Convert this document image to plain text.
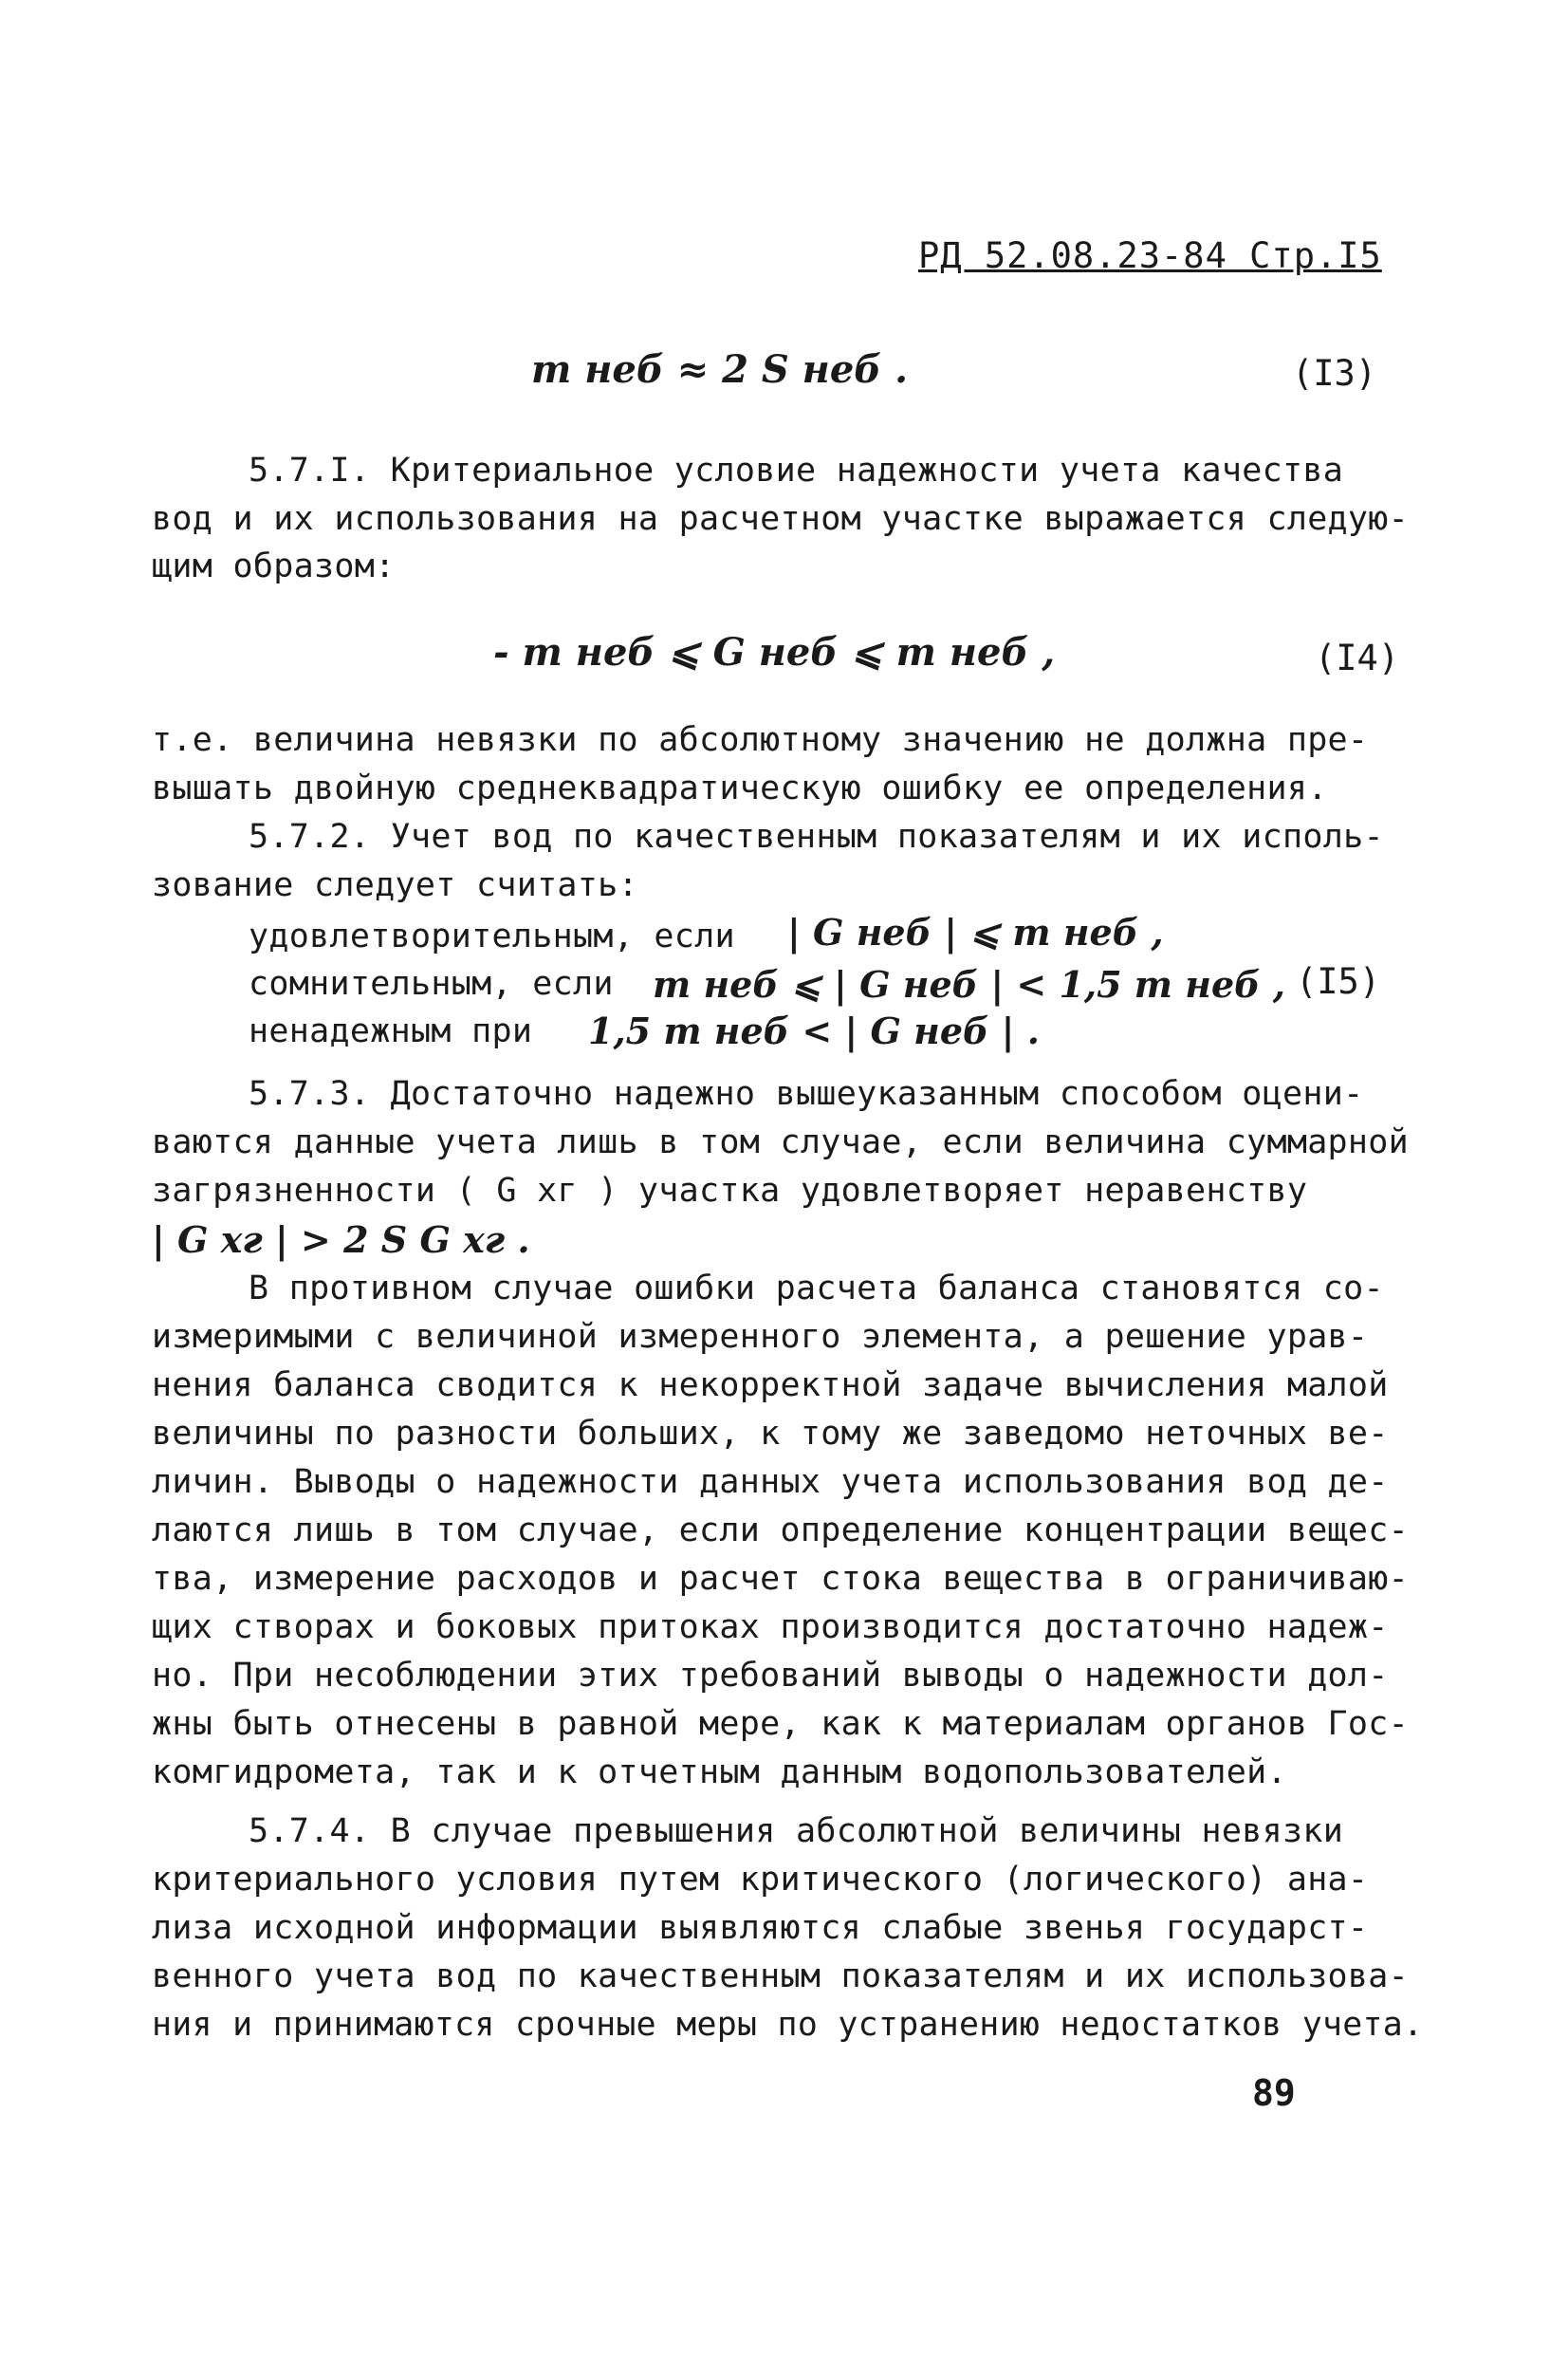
РД 52.08.23-84 Стр.I5
m неб ≈ 2 S неб .	(I3)
5.7.I. Критериальное условие надежности учета качества
вод и их использования на расчетном участке выражается следую-
щим образом:
- m неб ⩽ G неб ⩽ m неб ,	(I4)
т.е. величина невязки по абсолютному значению не должна пре-
вышать двойную среднеквадратическую ошибку ее определения.
5.7.2. Учет вод по качественным показателям и их исполь-
зование следует считать:
удовлетворительным, если | G неб | ⩽ m неб ,
сомнительным, если m неб ⩽ | G неб | < 1,5 m неб , (I5)
ненадежным при 1,5 m неб < | G неб | .
5.7.3. Достаточно надежно вышеуказанным способом оцени-
ваются данные учета лишь в том случае, если величина суммарной
загрязненности ( G хг ) участка удовлетворяет неравенству
| G хг | > 2 S G хг .
В противном случае ошибки расчета баланса становятся со-
измеримыми с величиной измеренного элемента, а решение урав-
нения баланса сводится к некорректной задаче вычисления малой
величины по разности больших, к тому же заведомо неточных ве-
личин. Выводы о надежности данных учета использования вод де-
лаются лишь в том случае, если определение концентрации вещес-
тва, измерение расходов и расчет стока вещества в ограничиваю-
щих створах и боковых притоках производится достаточно надеж-
но. При несоблюдении этих требований выводы о надежности дол-
жны быть отнесены в равной мере, как к материалам органов Гос-
комгидромета, так и к отчетным данным водопользователей.
5.7.4. В случае превышения абсолютной величины невязки
критериального условия путем критического (логического) ана-
лиза исходной информации выявляются слабые звенья государст-
венного учета вод по качественным показателям и их использова-
ния и принимаются срочные меры по устранению недостатков учета.
89
